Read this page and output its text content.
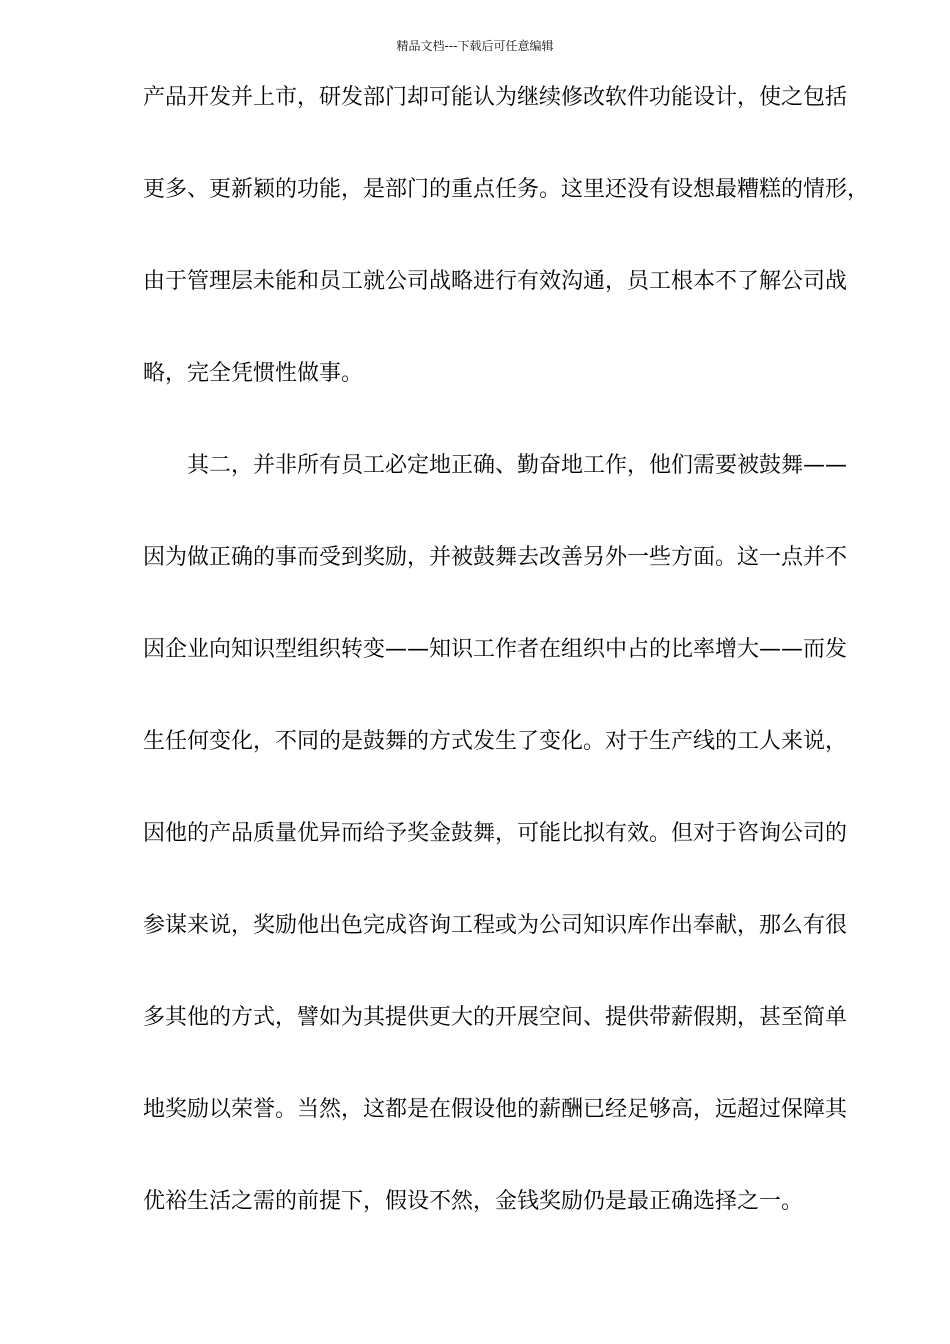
精品文档---下载后可任意编辑
产品开发并上市，研发部门却可能认为继续修改软件功能设计，使之包括
更多、更新颖的功能，是部门的重点任务。这里还没有设想最糟糕的情形，
由于管理层未能和员工就公司战略进行有效沟通，员工根本不了解公司战
略，完全凭惯性做事。
其二，并非所有员工必定地正确、勤奋地工作，他们需要被鼓舞——
因为做正确的事而受到奖励，并被鼓舞去改善另外一些方面。这一点并不
因企业向知识型组织转变——知识工作者在组织中占的比率增大——而发
生任何变化，不同的是鼓舞的方式发生了变化。对于生产线的工人来说，
因他的产品质量优异而给予奖金鼓舞，可能比拟有效。但对于咨询公司的
参谋来说，奖励他出色完成咨询工程或为公司知识库作出奉献，那么有很
多其他的方式，譬如为其提供更大的开展空间、提供带薪假期，甚至简单
地奖励以荣誉。当然，这都是在假设他的薪酬已经足够高，远超过保障其
优裕生活之需的前提下，假设不然，金钱奖励仍是最正确选择之一。
